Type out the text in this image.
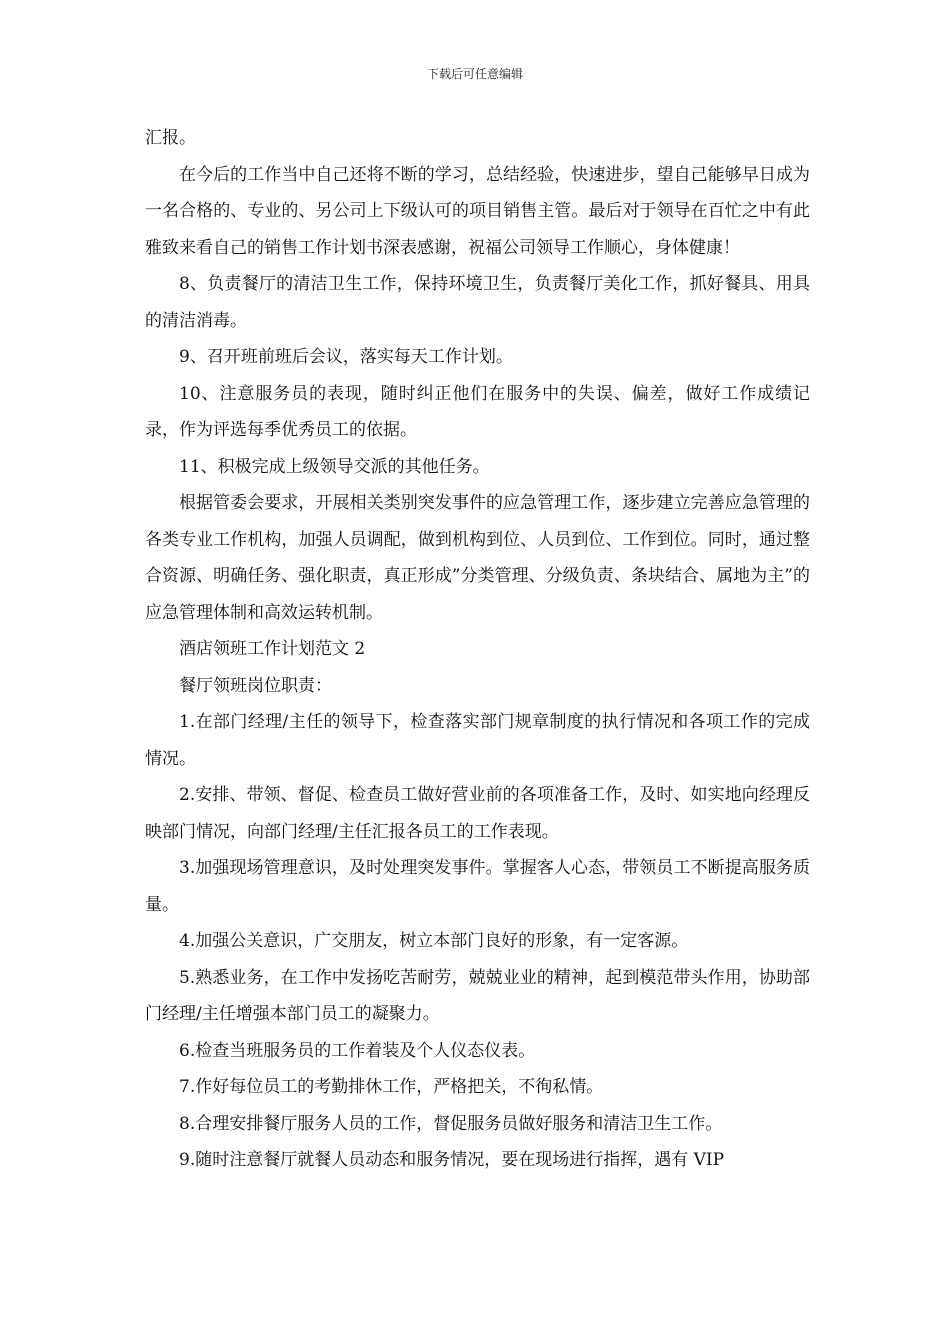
下载后可任意编辑

汇报。

在今后的工作当中自己还将不断的学习，总结经验，快速进步，望自己能够早日成为一名合格的、专业的、另公司上下级认可的项目销售主管。最后对于领导在百忙之中有此雅致来看自己的销售工作计划书深表感谢，祝福公司领导工作顺心，身体健康！

8、负责餐厅的清洁卫生工作，保持环境卫生，负责餐厅美化工作，抓好餐具、用具的清洁消毒。

9、召开班前班后会议，落实每天工作计划。

10、注意服务员的表现，随时纠正他们在服务中的失误、偏差，做好工作成绩记录，作为评选每季优秀员工的依据。

11、积极完成上级领导交派的其他任务。

根据管委会要求，开展相关类别突发事件的应急管理工作，逐步建立完善应急管理的各类专业工作机构，加强人员调配，做到机构到位、人员到位、工作到位。同时，通过整合资源、明确任务、强化职责，真正形成”分类管理、分级负责、条块结合、属地为主”的应急管理体制和高效运转机制。

酒店领班工作计划范文 2

餐厅领班岗位职责：

1.在部门经理/主任的领导下，检查落实部门规章制度的执行情况和各项工作的完成情况。

2.安排、带领、督促、检查员工做好营业前的各项准备工作，及时、如实地向经理反映部门情况，向部门经理/主任汇报各员工的工作表现。

3.加强现场管理意识，及时处理突发事件。掌握客人心态，带领员工不断提高服务质量。

4.加强公关意识，广交朋友，树立本部门良好的形象，有一定客源。

5.熟悉业务，在工作中发扬吃苦耐劳，兢兢业业的精神，起到模范带头作用，协助部门经理/主任增强本部门员工的凝聚力。

6.检查当班服务员的工作着装及个人仪态仪表。

7.作好每位员工的考勤排休工作，严格把关，不徇私情。

8.合理安排餐厅服务人员的工作，督促服务员做好服务和清洁卫生工作。

9.随时注意餐厅就餐人员动态和服务情况，要在现场进行指挥，遇有 VIP
